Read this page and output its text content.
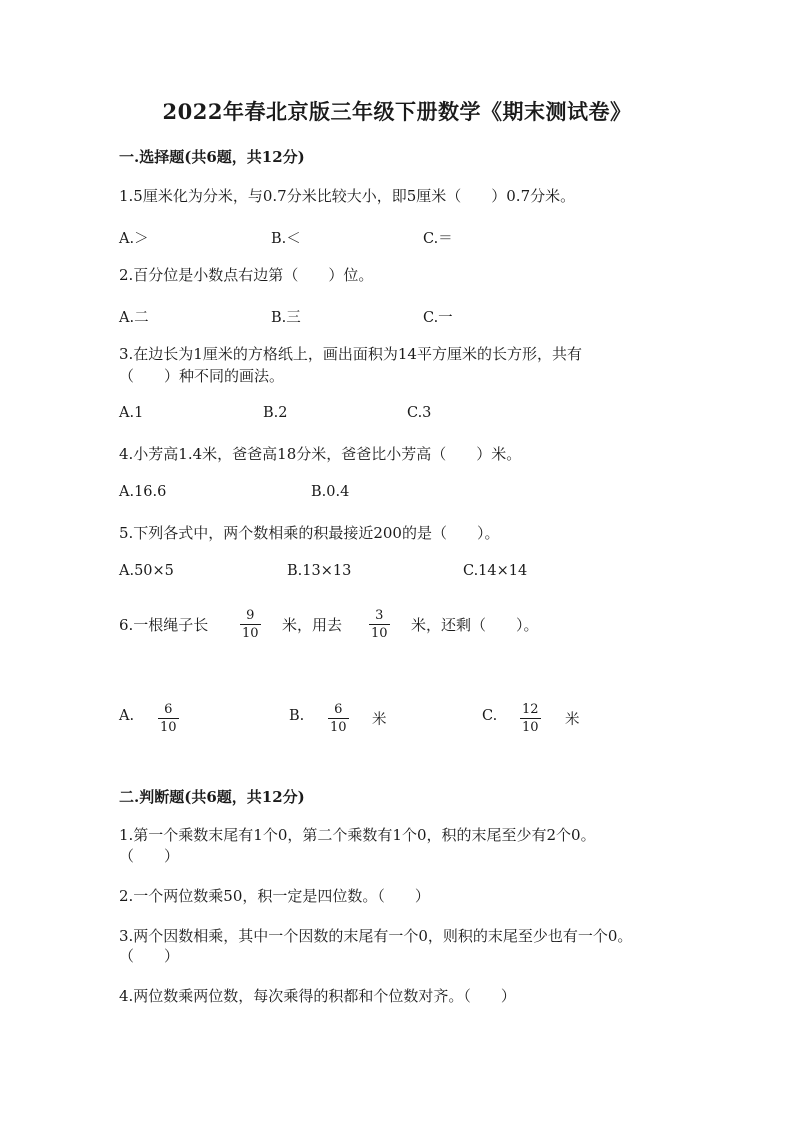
2022年春北京版三年级下册数学《期末测试卷》
一.选择题(共6题，共12分)
1.5厘米化为分米，与0.7分米比较大小，即5厘米（　　）0.7分米。
A.＞	B.＜	C.＝
2.百分位是小数点右边第（　　）位。
A.二	B.三	C.一
3.在边长为1厘米的方格纸上，画出面积为14平方厘米的长方形，共有
（　　）种不同的画法。
A.1	B.2	C.3
4.小芳高1.4米，爸爸高18分米，爸爸比小芳高（　　）米。
A.16.6	B.0.4
5.下列各式中，两个数相乘的积最接近200的是（　　）。
A.50×5	B.13×13	C.14×14
6.一根绳子长
9
10 米，用去
3
10 米，还剩（　　）。
A. 6
10
B. 6
10 米	C. 12
10 米
二.判断题(共6题，共12分)
1.第一个乘数末尾有1个0，第二个乘数有1个0，积的末尾至少有2个0。
（　　）
2.一个两位数乘50，积一定是四位数。（　　）
3.两个因数相乘，其中一个因数的末尾有一个0，则积的末尾至少也有一个0。
（　　）
4.两位数乘两位数，每次乘得的积都和个位数对齐。（　　）
